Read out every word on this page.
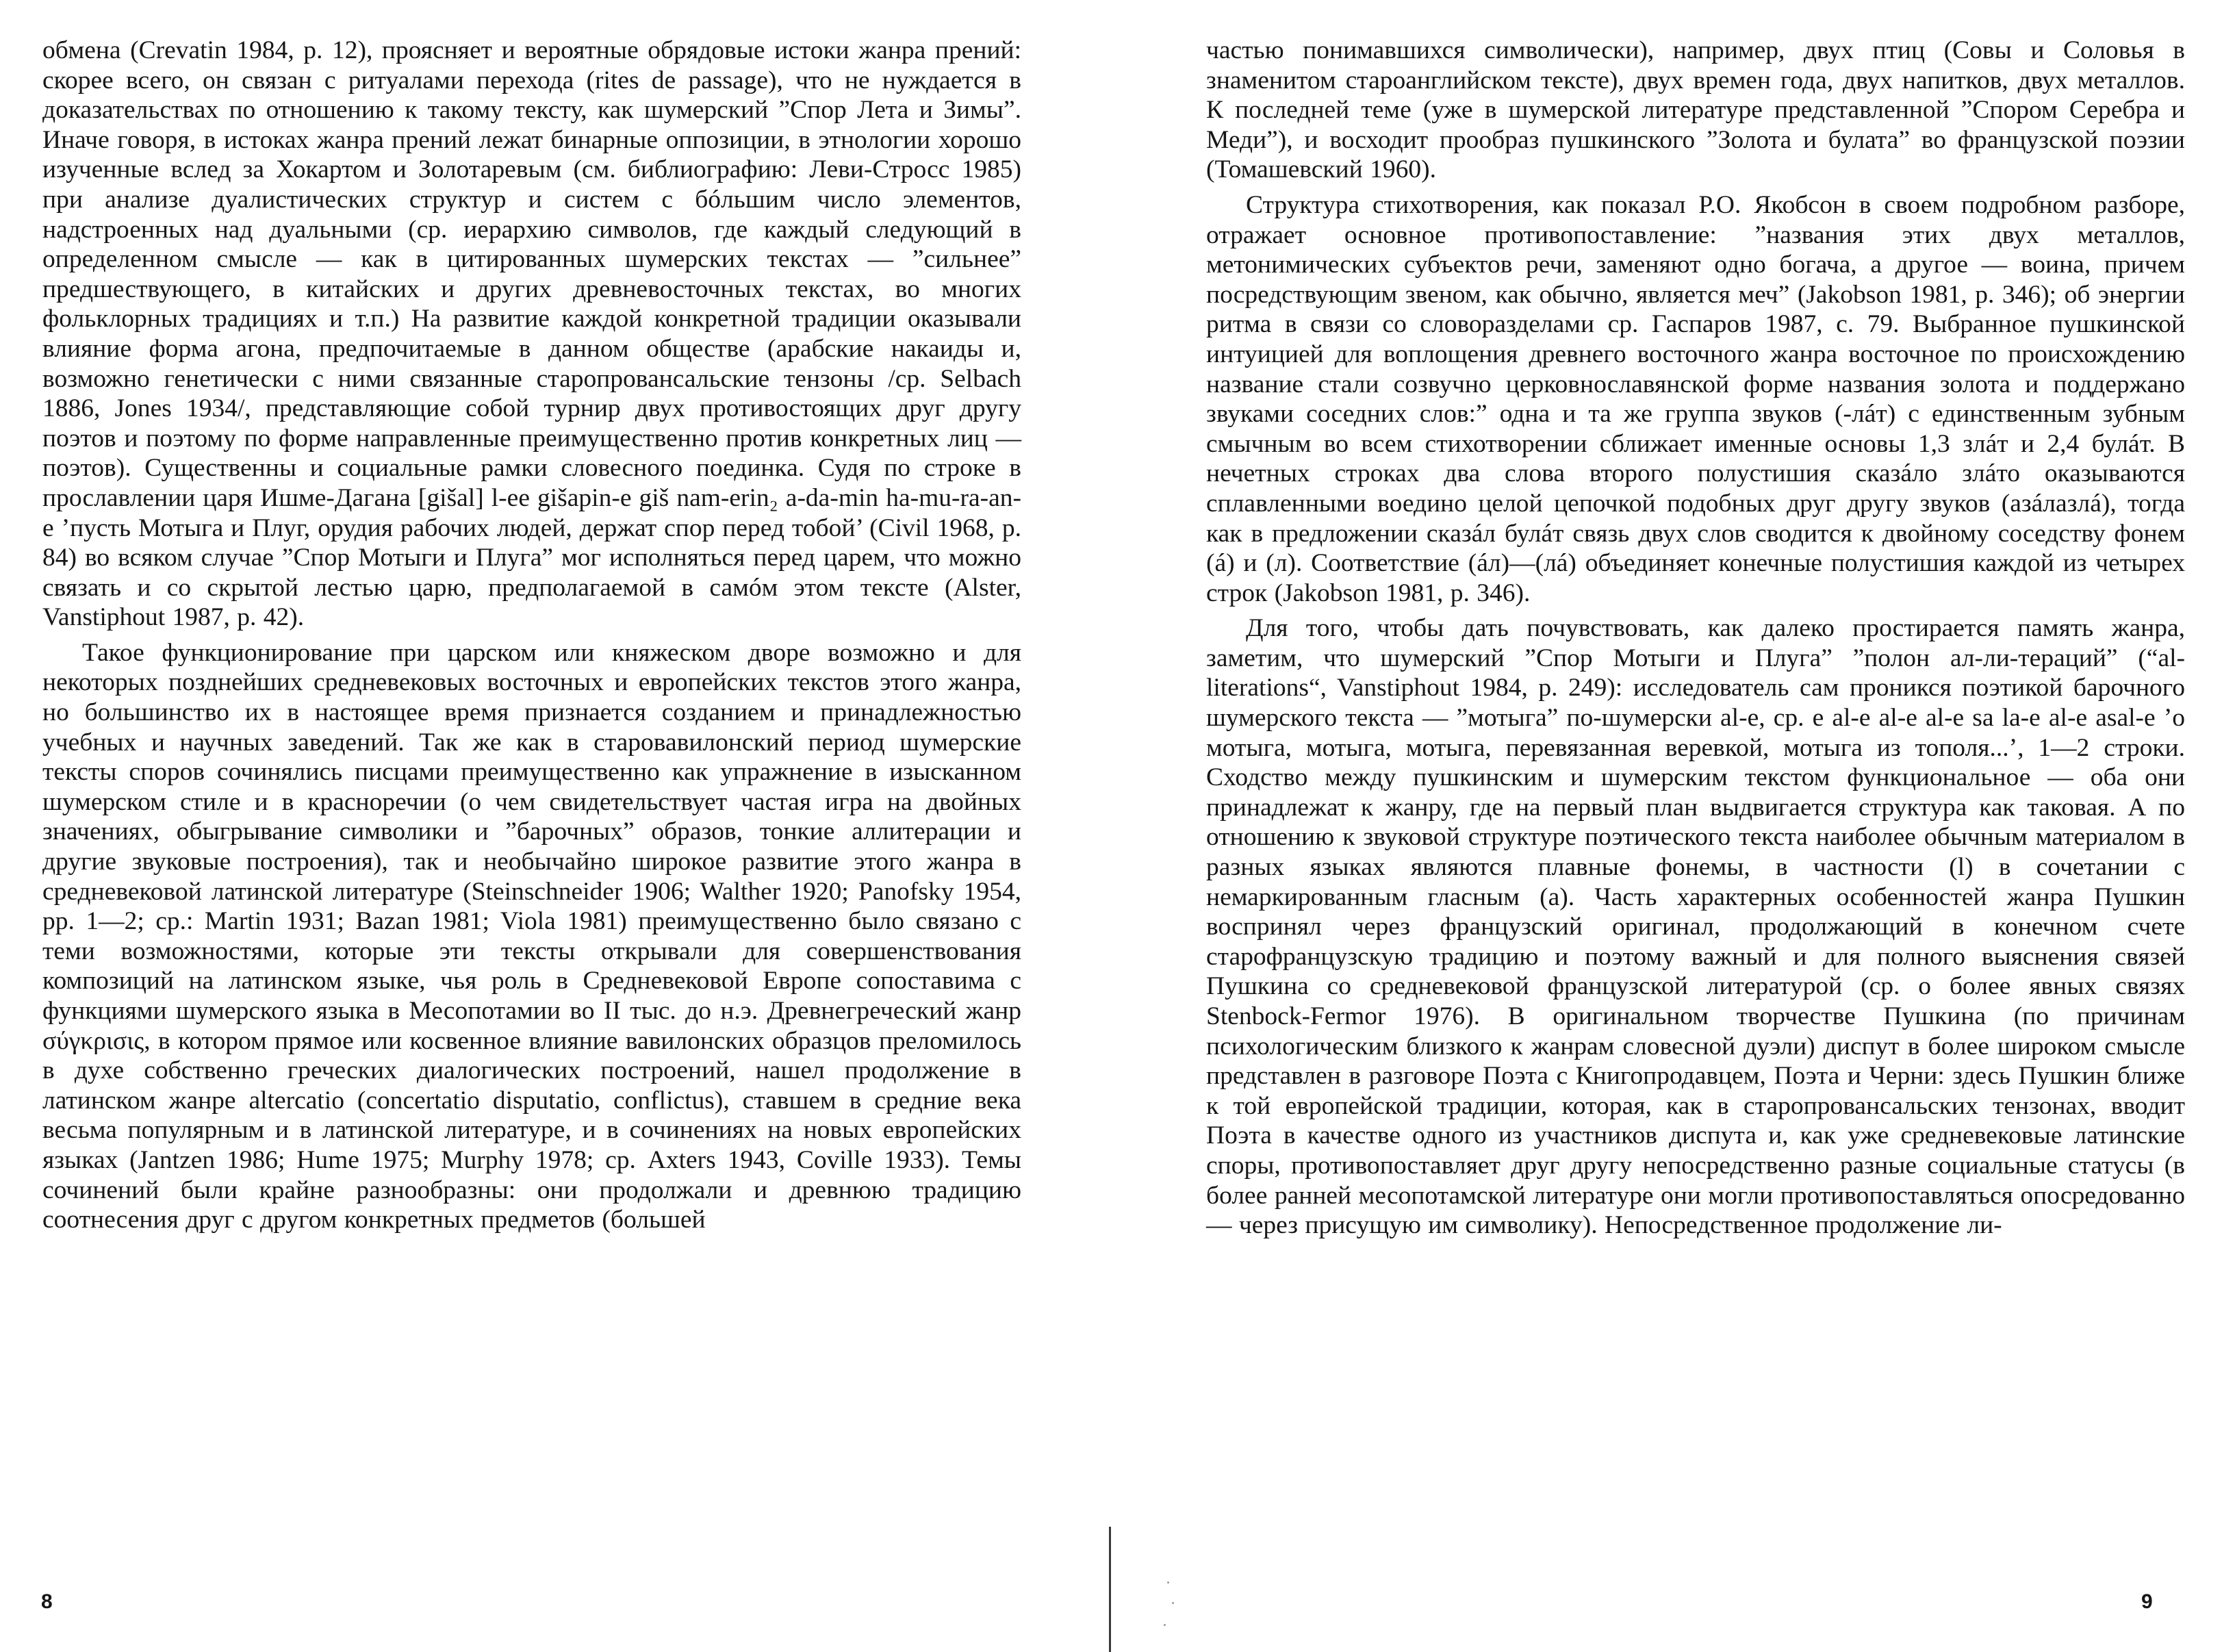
обмена (Crevatin 1984, p. 12), проясняет и вероятные обрядовые истоки жанра прений: скорее всего, он связан с ритуалами перехода (rites de passage), что не нуждается в доказательствах по отношению к такому тексту, как шумерский ”Спор Лета и Зимы”. Иначе говоря, в истоках жанра прений лежат бинарные оппозиции, в этнологии хорошо изученные вслед за Хокартом и Золотаревым (см. библиографию: Леви-Стросс 1985) при анализе дуалистических структур и систем с бóльшим число элементов, надстроенных над дуальными (ср. иерархию символов, где каждый следующий в определенном смысле — как в цитированных шумерских текстах — ”сильнее” предшествующего, в китайских и других древневосточных текстах, во многих фольклорных традициях и т.п.) На развитие каждой конкретной традиции оказывали влияние форма агона, предпочитаемые в данном обществе (арабские накаиды и, возможно генетически с ними связанные старопровансальские тензоны /ср. Selbach 1886, Jones 1934/, представляющие собой турнир двух противостоящих друг другу поэтов и поэтому по форме направленные преимущественно против конкретных лиц — поэтов). Существенны и социальные рамки словесного поединка. Судя по строке в прославлении царя Ишме-Дагана [gišal] l-ee gišapin-e giš nam-erin₂ a-da-min ha-mu-ra-an-e ’пусть Мотыга и Плуг, орудия рабочих людей, держат спор перед тобой’ (Civil 1968, p. 84) во всяком случае ”Спор Мотыги и Плуга” мог исполняться перед царем, что можно связать и со скрытой лестью царю, предполагаемой в самóм этом тексте (Alster, Vanstiphout 1987, p. 42).

Такое функционирование при царском или княжеском дворе возможно и для некоторых позднейших средневековых восточных и европейских текстов этого жанра, но большинство их в настоящее время признается созданием и принадлежностью учебных и научных заведений. Так же как в старовавилонский период шумерские тексты споров сочинялись писцами преимущественно как упражнение в изысканном шумерском стиле и в красноречии (о чем свидетельствует частая игра на двойных значениях, обыгрывание символики и ”барочных” образов, тонкие аллитерации и другие звуковые построения), так и необычайно широкое развитие этого жанра в средневековой латинской литературе (Steinschneider 1906; Walther 1920; Panofsky 1954, pp. 1—2; ср.: Martin 1931; Bazan 1981; Viola 1981) преимущественно было связано с теми возможностями, которые эти тексты открывали для совершенствования композиций на латинском языке, чья роль в Средневековой Европе сопоставима с функциями шумерского языка в Месопотамии во II тыс. до н.э. Древнегреческий жанр σύγκρισις, в котором прямое или косвенное влияние вавилонских образцов преломилось в духе собственно греческих диалогических построений, нашел продолжение в латинском жанре altercatio (concertatio disputatio, conflictus), ставшем в средние века весьма популярным и в латинской литературе, и в сочинениях на новых европейских языках (Jantzen 1986; Hume 1975; Murphy 1978; ср. Axters 1943, Coville 1933). Темы сочинений были крайне разнообразны: они продолжали и древнюю традицию соотнесения друг с другом конкретных предметов (большей

частью понимавшихся символически), например, двух птиц (Совы и Соловья в знаменитом староанглийском тексте), двух времен года, двух напитков, двух металлов. К последней теме (уже в шумерской литературе представленной ”Спором Серебра и Меди”), и восходит прообраз пушкинского ”Золота и булата” во французской поэзии (Томашевский 1960).

Структура стихотворения, как показал Р.О. Якобсон в своем подробном разборе, отражает основное противопоставление: ”названия этих двух металлов, метонимических субъектов речи, заменяют одно богача, а другое — воина, причем посредствующим звеном, как обычно, является меч” (Jakobson 1981, p. 346); об энергии ритма в связи со словоразделами ср. Гаспаров 1987, с. 79. Выбранное пушкинской интуицией для воплощения древнего восточного жанра восточное по происхождению название стали созвучно церковнославянской форме названия золота и поддержано звуками соседних слов:” одна и та же группа звуков (-лáт) с единственным зубным смычным во всем стихотворении сближает именные основы 1,3 злáт и 2,4 булáт. В нечетных строках два слова второго полустишия сказáло злáто оказываются сплавленными воедино целой цепочкой подобных друг другу звуков (азáлазлá), тогда как в предложении сказáл булáт связь двух слов сводится к двойному соседству фонем (á) и (л). Соответствие (áл)—(лá) объединяет конечные полустишия каждой из четырех строк (Jakobson 1981, p. 346).

Для того, чтобы дать почувствовать, как далеко простирается память жанра, заметим, что шумерский ”Спор Мотыги и Плуга” ”полон ал-ли-тераций” (“al-literations“, Vanstiphout 1984, p. 249): исследователь сам проникся поэтикой барочного шумерского текста — ”мотыга” по-шумерски al-e, ср. e al-e al-e al-e sa la-e al-e asal-e ’о мотыга, мотыга, мотыга, перевязанная веревкой, мотыга из тополя...’, 1—2 строки. Сходство между пушкинским и шумерским текстом функциональное — оба они принадлежат к жанру, где на первый план выдвигается структура как таковая. А по отношению к звуковой структуре поэтического текста наиболее обычным материалом в разных языках являются плавные фонемы, в частности (l) в сочетании с немаркированным гласным (a). Часть характерных особенностей жанра Пушкин воспринял через французский оригинал, продолжающий в конечном счете старофранцузскую традицию и поэтому важный и для полного выяснения связей Пушкина со средневековой французской литературой (ср. о более явных связях Stenbock-Fermor 1976). В оригинальном творчестве Пушкина (по причинам психологическим близкого к жанрам словесной дуэли) диспут в более широком смысле представлен в разговоре Поэта с Книгопродавцем, Поэта и Черни: здесь Пушкин ближе к той европейской традиции, которая, как в старопровансальских тензонах, вводит Поэта в качестве одного из участников диспута и, как уже средневековые латинские споры, противопоставляет друг другу непосредственно разные социальные статусы (в более ранней месопотамской литературе они могли противопоставляться опосредованно — через присущую им символику). Непосредственное продолжение ли-

8	9
